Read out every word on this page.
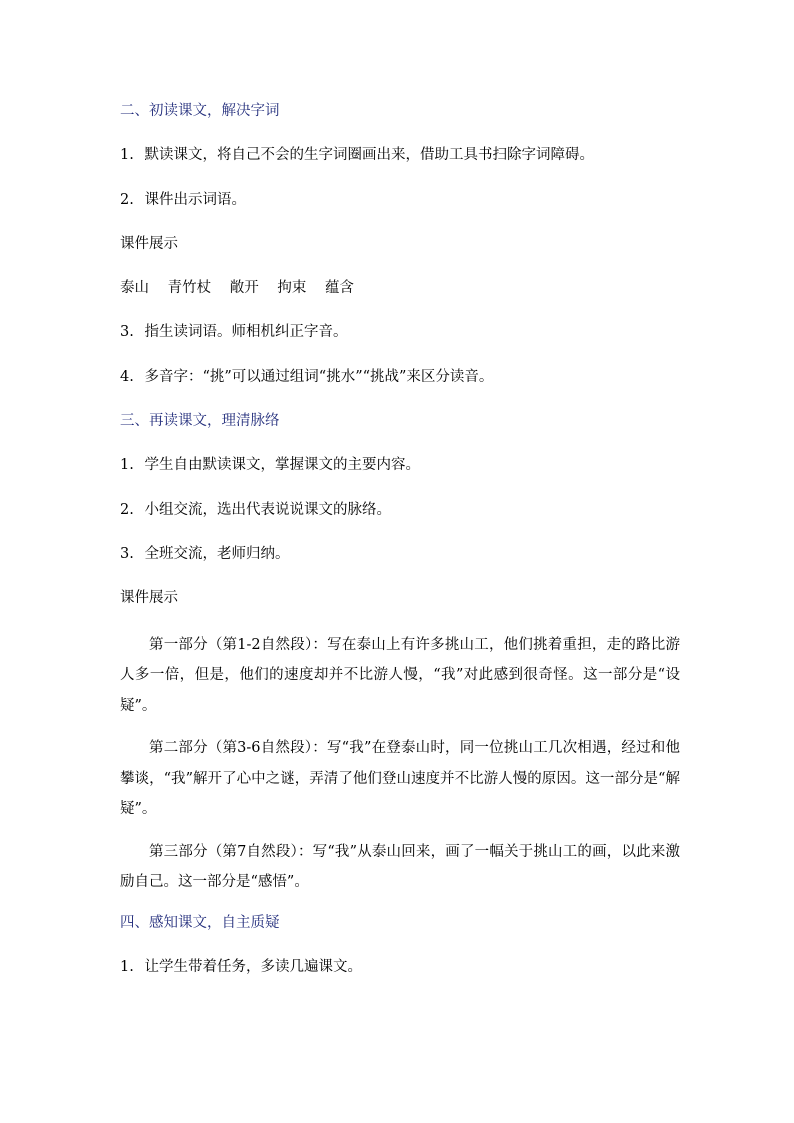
二、初读课文，解决字词
1. 默读课文，将自己不会的生字词圈画出来，借助工具书扫除字词障碍。
2. 课件出示词语。
课件展示
泰山 青竹杖 敞开 拘束 蕴含
3. 指生读词语。师相机纠正字音。
4. 多音字：“挑”可以通过组词“挑水”“挑战”来区分读音。
三、再读课文，理清脉络
1. 学生自由默读课文，掌握课文的主要内容。
2. 小组交流，选出代表说说课文的脉络。
3. 全班交流，老师归纳。
课件展示

第一部分（第1-2自然段）：写在泰山上有许多挑山工，他们挑着重担，走的路比游人多一倍，但是，他们的速度却并不比游人慢，“我”对此感到很奇怪。这一部分是“设疑”。

第二部分（第3-6自然段）：写“我”在登泰山时，同一位挑山工几次相遇，经过和他攀谈，“我”解开了心中之谜，弄清了他们登山速度并不比游人慢的原因。这一部分是“解疑”。

第三部分（第7自然段）：写“我”从泰山回来，画了一幅关于挑山工的画，以此来激励自己。这一部分是“感悟”。

四、感知课文，自主质疑
1. 让学生带着任务，多读几遍课文。
